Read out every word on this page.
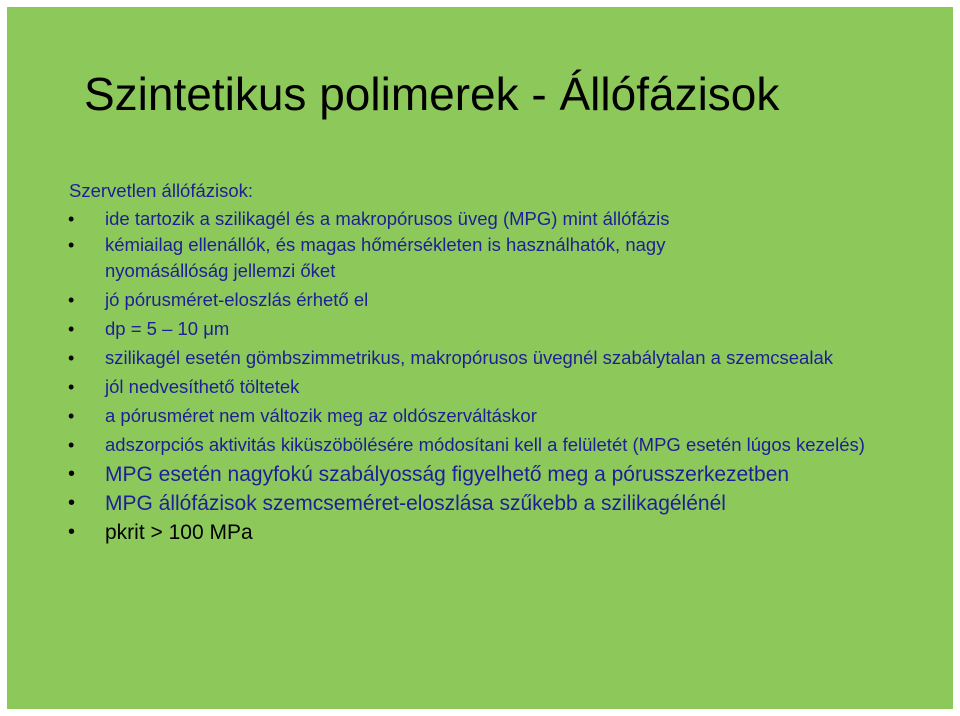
Szintetikus polimerek - Állófázisok
Szervetlen állófázisok:
• ide tartozik a szilikagél és a makropórusos üveg (MPG) mint állófázis
• kémiailag ellenállók, és magas hőmérsékleten is használhatók, nagy nyomásállóság jellemzi őket
• jó pórusméret-eloszlás érhető el
• dp = 5 – 10 μm
• szilikagél esetén gömbszimmetrikus, makropórusos üvegnél szabálytalan a szemcsealak
• jól nedvesíthető töltetek
• a pórusméret nem változik meg az oldószerváltáskor
• adszorpciós aktivitás kiküszöbölésére módosítani kell a felületét (MPG esetén lúgos kezelés)
• MPG esetén nagyfokú szabályosság figyelhető meg a pórusszerkezetben
• MPG állófázisok szemcseméret-eloszlása szűkebb a szilikagélénél
• pkrit > 100 MPa
